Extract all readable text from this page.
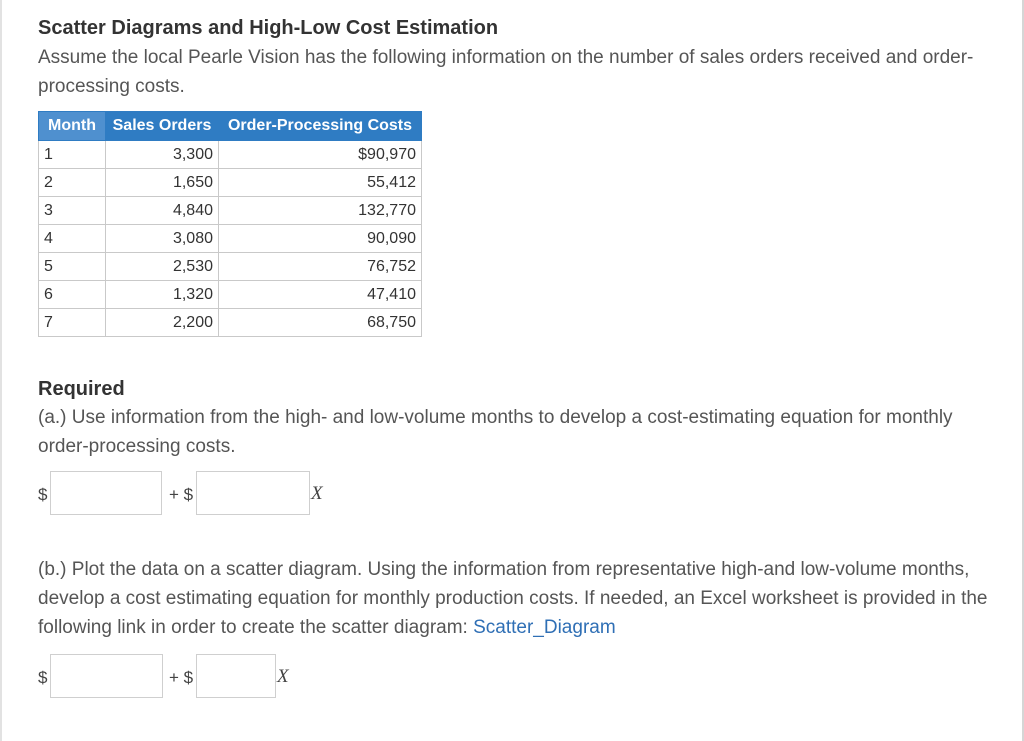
Scatter Diagrams and High-Low Cost Estimation

Assume the local Pearle Vision has the following information on the number of sales orders received and order-processing costs.

Month	Sales Orders	Order-Processing Costs
1	3,300	$90,970
2	1,650	55,412
3	4,840	132,770
4	3,080	90,090
5	2,530	76,752
6	1,320	47,410
7	2,200	68,750
Required

(a.) Use information from the high- and low-volume months to develop a cost-estimating equation for monthly order-processing costs.

$	+ $	X

(b.) Plot the data on a scatter diagram. Using the information from representative high-and low-volume months, develop a cost estimating equation for monthly production costs. If needed, an Excel worksheet is provided in the following link in order to create the scatter diagram: Scatter_Diagram

$	+ $	X
